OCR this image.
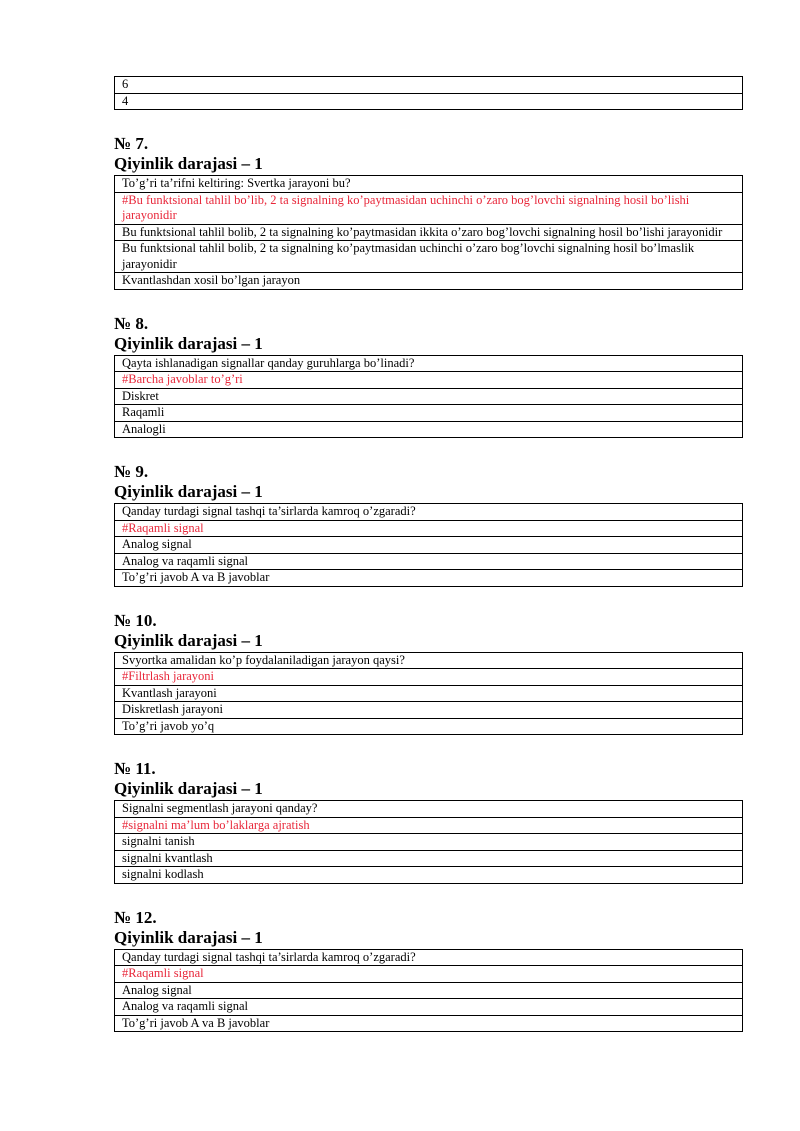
6
4
№ 7.
Qiyinlik darajasi – 1
To’g’ri ta’rifni keltiring: Svertka jarayoni bu?
#Bu funktsional tahlil bo’lib, 2 ta signalning ko’paytmasidan uchinchi o’zaro bog’lovchi signalning hosil bo’lishi jarayonidir
Bu funktsional tahlil bolib, 2 ta signalning ko’paytmasidan ikkita o’zaro bog’lovchi signalning hosil bo’lishi jarayonidir
Bu funktsional tahlil bolib, 2 ta signalning ko’paytmasidan uchinchi o’zaro bog’lovchi signalning hosil bo’lmaslik jarayonidir
Kvantlashdan xosil bo’lgan jarayon
№ 8.
Qiyinlik darajasi – 1
Qayta ishlanadigan signallar qanday guruhlarga bo’linadi?
#Barcha javoblar to’g’ri
Diskret
Raqamli
Analogli
№ 9.
Qiyinlik darajasi – 1
Qanday turdagi signal tashqi ta’sirlarda kamroq o’zgaradi?
#Raqamli signal
Analog signal
Analog va raqamli signal
To’g’ri javob A va B javoblar
№ 10.
Qiyinlik darajasi – 1
Svyortka amalidan ko’p foydalaniladigan jarayon qaysi?
#Filtrlash jarayoni
Kvantlash jarayoni
Diskretlash jarayoni
To’g’ri javob yo’q
№ 11.
Qiyinlik darajasi – 1
Signalni segmentlash jarayoni qanday?
#signalni ma’lum bo’laklarga ajratish
signalni tanish
signalni kvantlash
signalni kodlash
№ 12.
Qiyinlik darajasi – 1
Qanday turdagi signal tashqi ta’sirlarda kamroq o’zgaradi?
#Raqamli signal
Analog signal
Analog va raqamli signal
To’g’ri javob A va B javoblar
